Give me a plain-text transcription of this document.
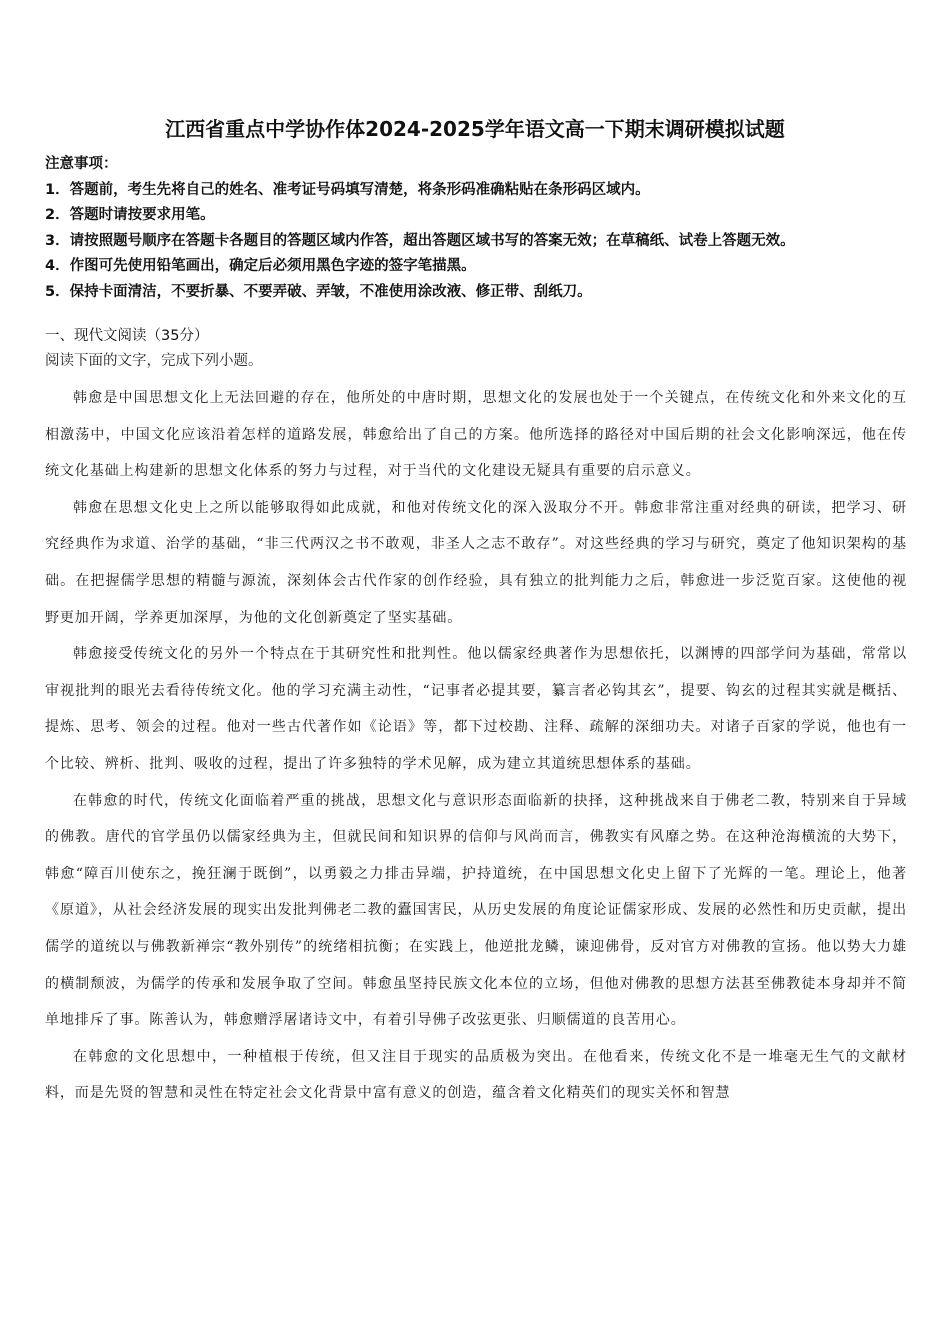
江西省重点中学协作体2024-2025学年语文高一下期末调研模拟试题
注意事项：
1．答题前，考生先将自己的姓名、准考证号码填写清楚，将条形码准确粘贴在条形码区域内。
2．答题时请按要求用笔。
3．请按照题号顺序在答题卡各题目的答题区域内作答，超出答题区域书写的答案无效；在草稿纸、试卷上答题无效。
4．作图可先使用铅笔画出，确定后必须用黑色字迹的签字笔描黑。
5．保持卡面清洁，不要折暴、不要弄破、弄皱，不准使用涂改液、修正带、刮纸刀。
一、现代文阅读（35分）
阅读下面的文字，完成下列小题。

韩愈是中国思想文化上无法回避的存在，他所处的中唐时期，思想文化的发展也处于一个关键点，在传统文化和外来文化的互相激荡中，中国文化应该沿着怎样的道路发展，韩愈给出了自己的方案。他所选择的路径对中国后期的社会文化影响深远，他在传统文化基础上构建新的思想文化体系的努力与过程，对于当代的文化建设无疑具有重要的启示意义。

韩愈在思想文化史上之所以能够取得如此成就，和他对传统文化的深入汲取分不开。韩愈非常注重对经典的研读，把学习、研究经典作为求道、治学的基础，“非三代两汉之书不敢观，非圣人之志不敢存”。对这些经典的学习与研究，奠定了他知识架构的基础。在把握儒学思想的精髓与源流，深刻体会古代作家的创作经验，具有独立的批判能力之后，韩愈进一步泛览百家。这使他的视野更加开阔，学养更加深厚，为他的文化创新奠定了坚实基础。

韩愈接受传统文化的另外一个特点在于其研究性和批判性。他以儒家经典著作为思想依托，以渊博的四部学问为基础，常常以审视批判的眼光去看待传统文化。他的学习充满主动性，“记事者必提其要，纂言者必钩其玄”，提要、钩玄的过程其实就是概括、提炼、思考、领会的过程。他对一些古代著作如《论语》等，都下过校勘、注释、疏解的深细功夫。对诸子百家的学说，他也有一个比较、辨析、批判、吸收的过程，提出了许多独特的学术见解，成为建立其道统思想体系的基础。

在韩愈的时代，传统文化面临着严重的挑战，思想文化与意识形态面临新的抉择，这种挑战来自于佛老二教，特别来自于异域的佛教。唐代的官学虽仍以儒家经典为主，但就民间和知识界的信仰与风尚而言，佛教实有风靡之势。在这种沧海横流的大势下，韩愈“障百川使东之，挽狂澜于既倒”，以勇毅之力排击异端，护持道统，在中国思想文化史上留下了光辉的一笔。理论上，他著《原道》，从社会经济发展的现实出发批判佛老二教的蠹国害民，从历史发展的角度论证儒家形成、发展的必然性和历史贡献，提出儒学的道统以与佛教新禅宗“教外别传”的统绪相抗衡；在实践上，他逆批龙鳞，谏迎佛骨，反对官方对佛教的宣扬。他以势大力雄的横制颓波，为儒学的传承和发展争取了空间。韩愈虽坚持民族文化本位的立场，但他对佛教的思想方法甚至佛教徒本身却并不简单地排斥了事。陈善认为，韩愈赠浮屠诸诗文中，有着引导佛子改弦更张、归顺儒道的良苦用心。

在韩愈的文化思想中，一种植根于传统，但又注目于现实的品质极为突出。在他看来，传统文化不是一堆毫无生气的文献材料，而是先贤的智慧和灵性在特定社会文化背景中富有意义的创造，蕴含着文化精英们的现实关怀和智慧
